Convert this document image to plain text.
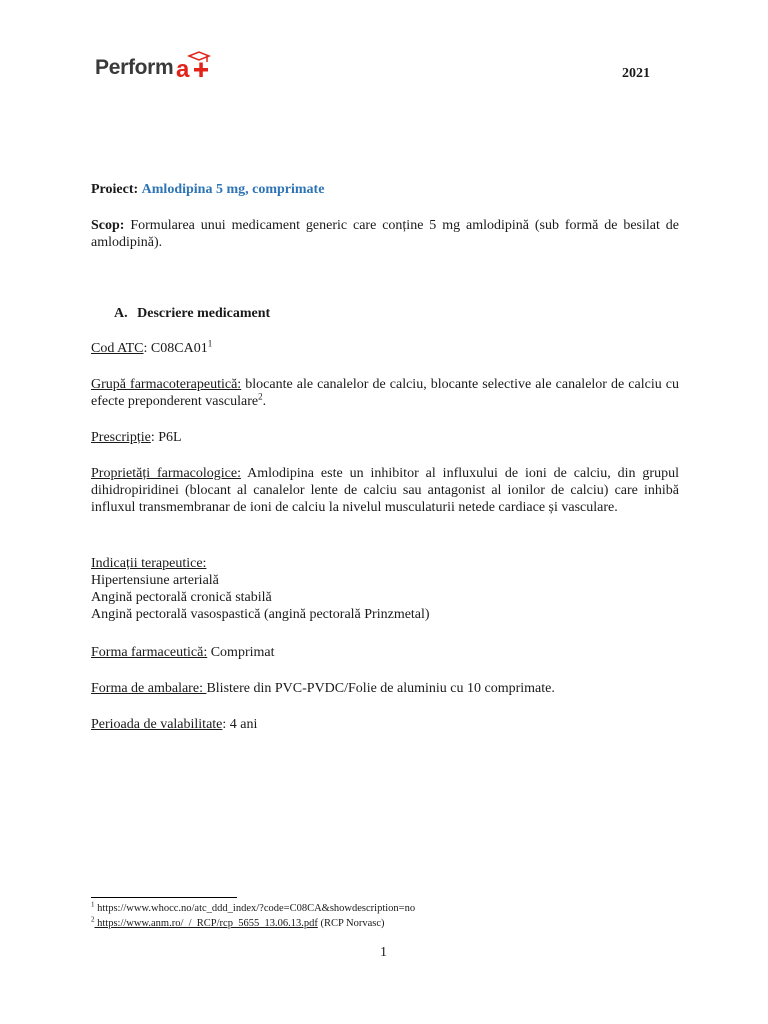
Perform a	2021
Proiect: Amlodipina 5 mg, comprimate
Scop: Formularea unui medicament generic care conține 5 mg amlodipină (sub formă de besilat de amlodipină).
A. Descriere medicament
Cod ATC: $C08CA01^1$
Grupă farmacoterapeutică: blocante ale canalelor de calciu, blocante selective ale canalelor de calciu cu efecte preponderent vasculare$^2$.
Prescripție: P6L
Proprietăți farmacologice: Amlodipina este un inhibitor al influxului de ioni de calciu, din grupul dihidropiridinei (blocant al canalelor lente de calciu sau antagonist al ionilor de calciu) care inhibă influxul transmembranar de ioni de calciu la nivelul musculaturii netede cardiace și vasculare.
Indicații terapeutice:
Hipertensiune arterială
Angină pectorală cronică stabilă
Angină pectorală vasospastică (angină pectorală Prinzmetal)
Forma farmaceutică: Comprimat
Forma de ambalare: Blistere din PVC-PVDC/Folie de aluminiu cu 10 comprimate.
Perioada de valabilitate: 4 ani
$^1$ https://www.whocc.no/atc_ddd_index/?code=C08CA&showdescription=no
$^2$ https://www.anm.ro/_/_RCP/rcp_5655_13.06.13.pdf (RCP Norvasc)
1
